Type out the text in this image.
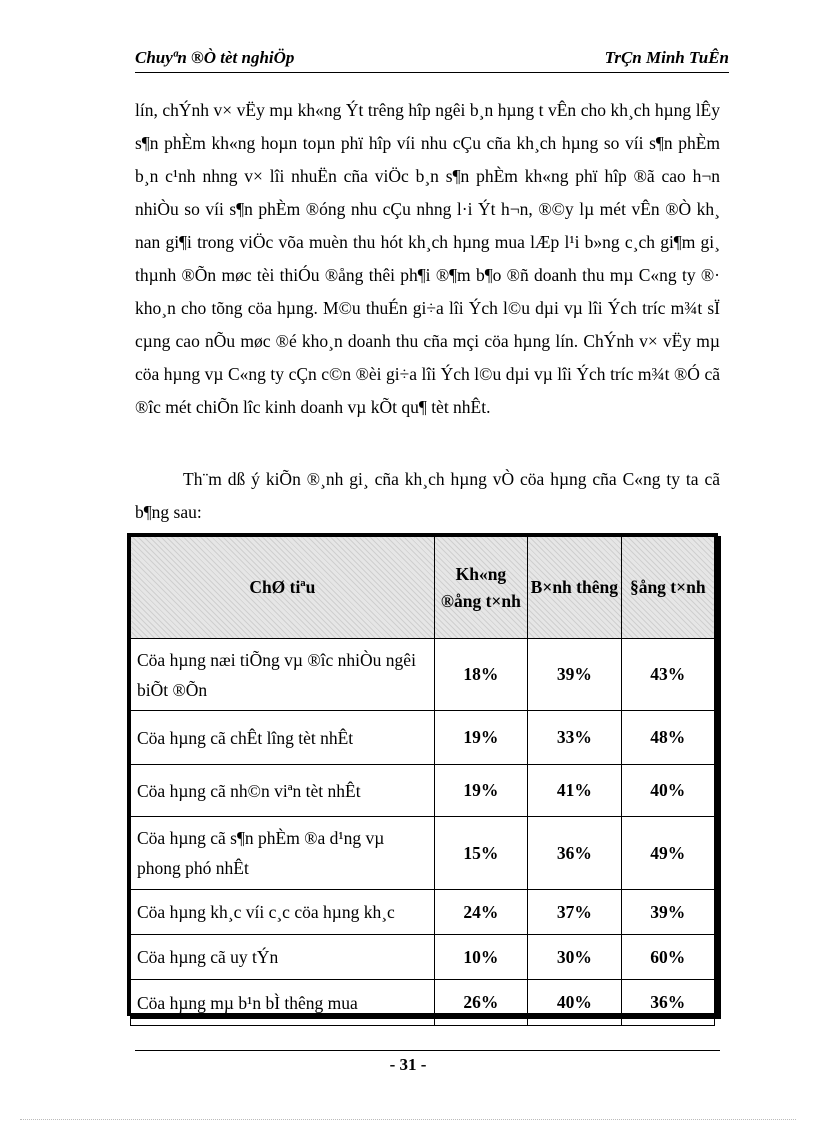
Chuyªn ®Ò tèt nghiÖp	TrÇn Minh TuÊn

lín, chÝnh v× vËy mµ kh«ng Ýt trêng hîp ngêi b¸n hµng t vÊn cho kh¸ch hµng lÊy s¶n phÈm kh«ng hoµn toµn phï hîp víi nhu cÇu cña kh¸ch hµng so víi s¶n phÈm b¸n c¹nh nhng v× lîi nhuËn cña viÖc b¸n s¶n phÈm kh«ng phï hîp ®ã cao h¬n nhiÒu so víi s¶n phÈm ®óng nhu cÇu nhng l·i Ýt h¬n, ®©y lµ mét vÊn ®Ò kh¸ nan gi¶i trong viÖc võa muèn thu hót kh¸ch hµng mua lÆp l¹i b»ng c¸ch gi¶m gi¸ thµnh ®Õn møc tèi thiÓu ®ång thêi ph¶i ®¶m b¶o ®ñ doanh thu mµ C«ng ty ®· kho¸n cho tõng cöa hµng. M©u thuÉn gi÷a lîi Ých l©u dµi vµ lîi Ých tríc m¾t sÏ cµng cao nÕu møc ®é kho¸n doanh thu cña mçi cöa hµng lín. ChÝnh v× vËy mµ cöa hµng vµ C«ng ty cÇn c©n ®èi gi÷a lîi Ých l©u dµi vµ lîi Ých tríc m¾t ®Ó cã ®îc mét chiÕn lîc kinh doanh vµ kÕt qu¶ tèt nhÊt.

Th¨m dß ý kiÕn ®¸nh gi¸ cña kh¸ch hµng vÒ cöa hµng cña C«ng ty ta cã b¶ng sau:

ChØ tiªu	Kh«ng ®ång t×nh	B×nh thêng	§ång t×nh
Cöa hµng næi tiÕng vµ ®îc nhiÒu ngêi biÕt ®Õn	18%	39%	43%
Cöa hµng cã chÊt lîng tèt nhÊt	19%	33%	48%
Cöa hµng cã nh©n viªn tèt nhÊt	19%	41%	40%
Cöa hµng cã s¶n phÈm ®a d¹ng vµ phong phó nhÊt	15%	36%	49%
Cöa hµng kh¸c víi c¸c cöa hµng kh¸c	24%	37%	39%
Cöa hµng cã uy tÝn	10%	30%	60%
Cöa hµng mµ b¹n bÌ thêng mua	26%	40%	36%
- 31 -
